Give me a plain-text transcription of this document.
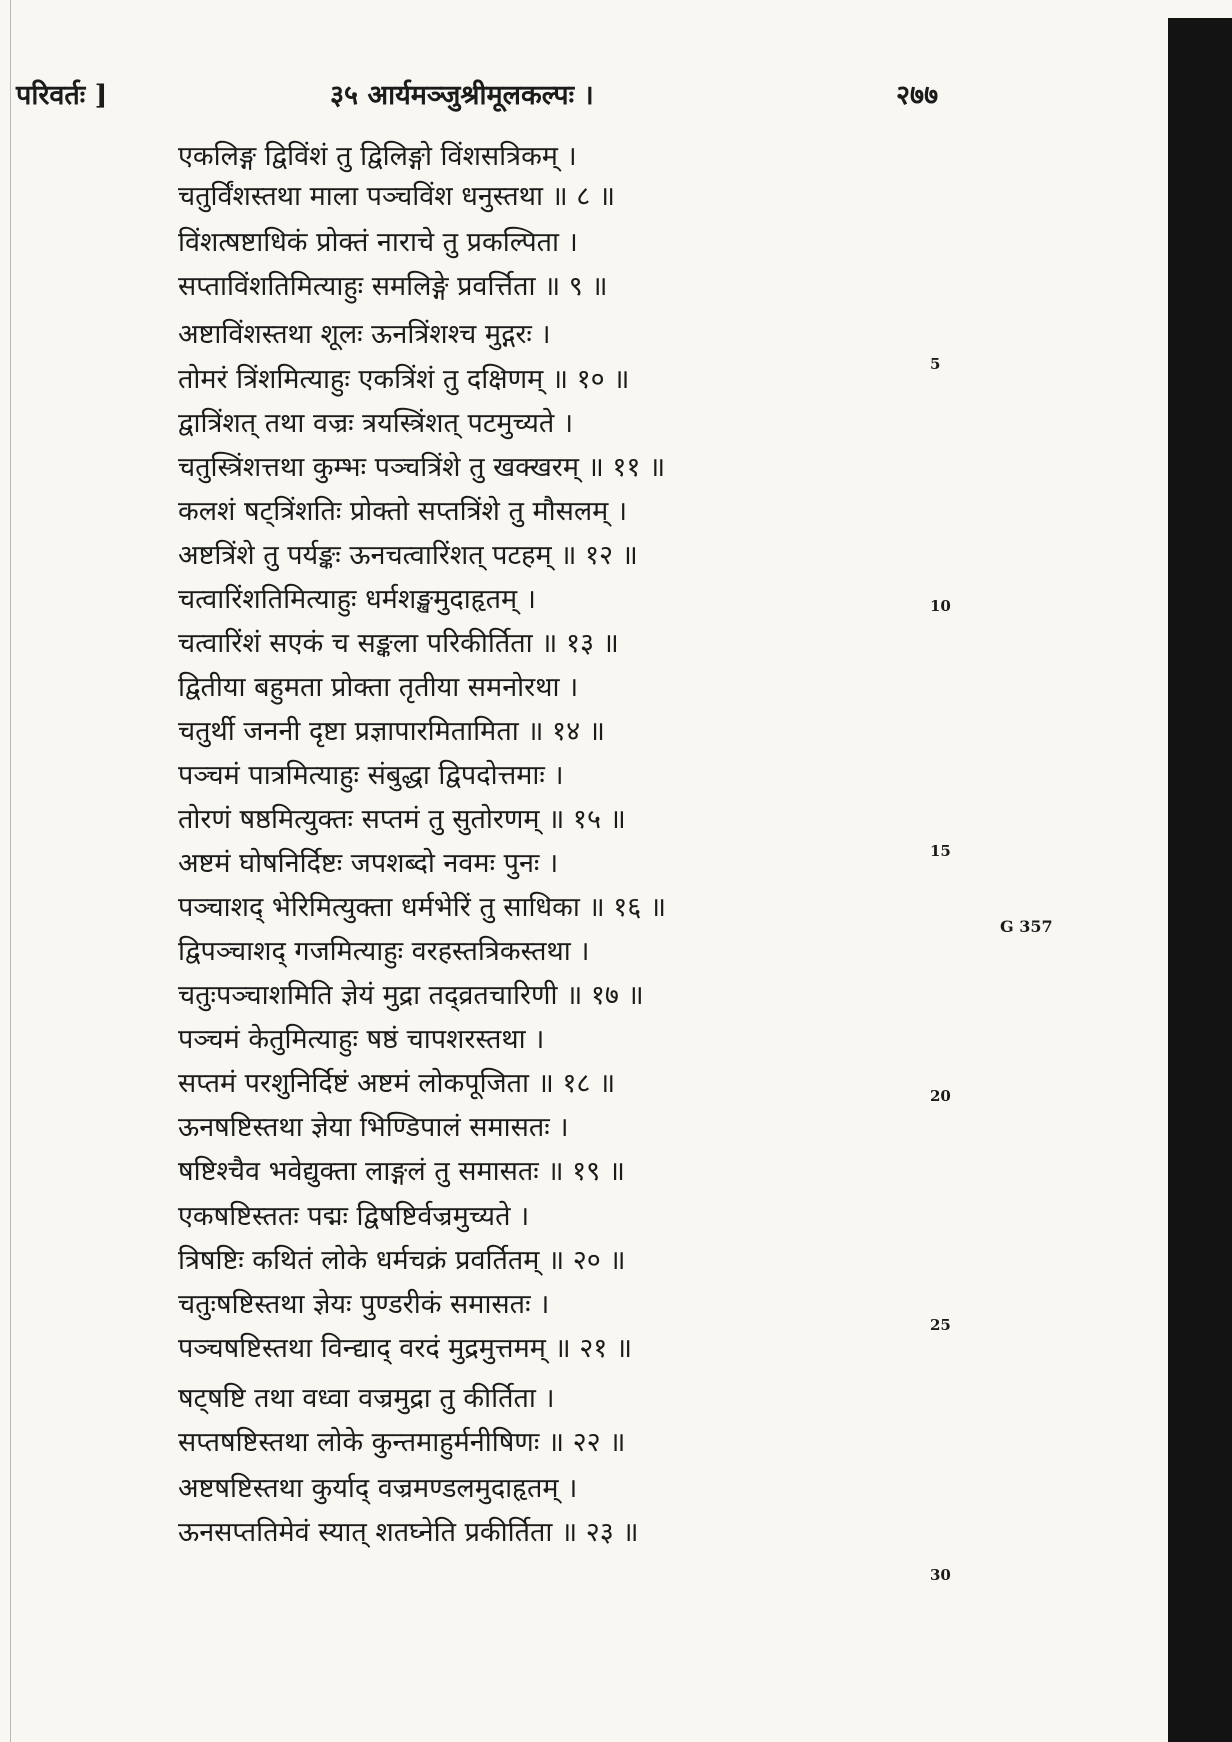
परिवर्तः ]	३५ आर्यमञ्जुश्रीमूलकल्पः ।	२७७
एकलिङ्ग द्विविंशं तु द्विलिङ्गो विंशसत्रिकम् ।
चतुर्विंशस्तथा माला पञ्चविंश धनुस्तथा ॥ ८ ॥
विंशत्षष्टाधिकं प्रोक्तं नाराचे तु प्रकल्पिता ।
सप्ताविंशतिमित्याहुः समलिङ्गे प्रवर्त्तिता ॥ ९ ॥
अष्टाविंशस्तथा शूलः ऊनत्रिंशश्च मुद्गरः ।
तोमरं त्रिंशमित्याहुः एकत्रिंशं तु दक्षिणम् ॥ १० ॥
द्वात्रिंशत् तथा वज्रः त्रयस्त्रिंशत् पटमुच्यते ।
चतुस्त्रिंशत्तथा कुम्भः पञ्चत्रिंशे तु खक्खरम् ॥ ११ ॥
कलशं षट्त्रिंशतिः प्रोक्तो सप्तत्रिंशे तु मौसलम् ।
अष्टत्रिंशे तु पर्यङ्कः ऊनचत्वारिंशत् पटहम् ॥ १२ ॥
चत्वारिंशतिमित्याहुः धर्मशङ्खमुदाहृतम् ।
चत्वारिंशं सएकं च सङ्कला परिकीर्तिता ॥ १३ ॥
द्वितीया बहुमता प्रोक्ता तृतीया समनोरथा ।
चतुर्थी जननी दृष्टा प्रज्ञापारमितामिता ॥ १४ ॥
पञ्चमं पात्रमित्याहुः संबुद्धा द्विपदोत्तमाः ।
तोरणं षष्ठमित्युक्तः सप्तमं तु सुतोरणम् ॥ १५ ॥
अष्टमं घोषनिर्दिष्टः जपशब्दो नवमः पुनः ।
पञ्चाशद् भेरिमित्युक्ता धर्मभेरिं तु साधिका ॥ १६ ॥
द्विपञ्चाशद् गजमित्याहुः वरहस्तत्रिकस्तथा ।
चतुःपञ्चाशमिति ज्ञेयं मुद्रा तद्व्रतचारिणी ॥ १७ ॥
पञ्चमं केतुमित्याहुः षष्ठं चापशरस्तथा ।
सप्तमं परशुनिर्दिष्टं अष्टमं लोकपूजिता ॥ १८ ॥
ऊनषष्टिस्तथा ज्ञेया भिण्डिपालं समासतः ।
षष्टिश्चैव भवेद्युक्ता लाङ्गलं तु समासतः ॥ १९ ॥
एकषष्टिस्ततः पद्मः द्विषष्टिर्वज्रमुच्यते ।
त्रिषष्टिः कथितं लोके धर्मचक्रं प्रवर्तितम् ॥ २० ॥
चतुःषष्टिस्तथा ज्ञेयः पुण्डरीकं समासतः ।
पञ्चषष्टिस्तथा विन्द्याद् वरदं मुद्रमुत्तमम् ॥ २१ ॥
षट्षष्टि तथा वध्वा वज्रमुद्रा तु कीर्तिता ।
सप्तषष्टिस्तथा लोके कुन्तमाहुर्मनीषिणः ॥ २२ ॥
अष्टषष्टिस्तथा कुर्याद् वज्रमण्डलमुदाहृतम् ।
ऊनसप्ततिमेवं स्यात् शतघ्नेति प्रकीर्तिता ॥ २३ ॥
5
10
15
20
25
30
G 357
